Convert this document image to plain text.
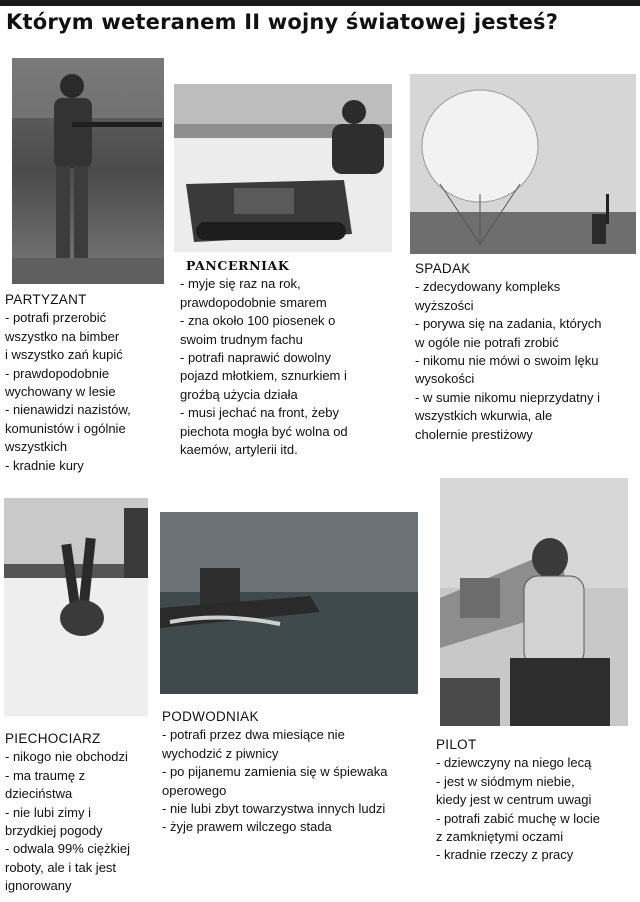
Którym weteranem II wojny światowej jesteś?
PARTYZANT
- potrafi przerobić
wszystko na bimber
i wszystko zań kupić
- prawdopodobnie
wychowany w lesie
- nienawidzi nazistów,
komunistów i ogólnie
wszystkich
- kradnie kury
PANCERNIAK
- myje się raz na rok,
prawdopodobnie smarem
- zna około 100 piosenek o
swoim trudnym fachu
- potrafi naprawić dowolny
pojazd młotkiem, sznurkiem i
groźbą użycia działa
- musi jechać na front, żeby
piechota mogła być wolna od
kaemów, artylerii itd.
SPADAK
- zdecydowany kompleks
wyższości
- porywa się na zadania, których
w ogóle nie potrafi zrobić
- nikomu nie mówi o swoim lęku
wysokości
- w sumie nikomu nieprzydatny i
wszystkich wkurwia, ale
cholernie prestiżowy
PIECHOCIARZ
- nikogo nie obchodzi
- ma traumę z
dzieciństwa
- nie lubi zimy i
brzydkiej pogody
- odwala 99% ciężkiej
roboty, ale i tak jest
ignorowany
PODWODNIAK
- potrafi przez dwa miesiące nie
wychodzić z piwnicy
- po pijanemu zamienia się w śpiewaka
operowego
- nie lubi zbyt towarzystwa innych ludzi
- żyje prawem wilczego stada
PILOT
- dziewczyny na niego lecą
- jest w siódmym niebie,
kiedy jest w centrum uwagi
- potrafi zabić muchę w locie
z zamkniętymi oczami
- kradnie rzeczy z pracy
